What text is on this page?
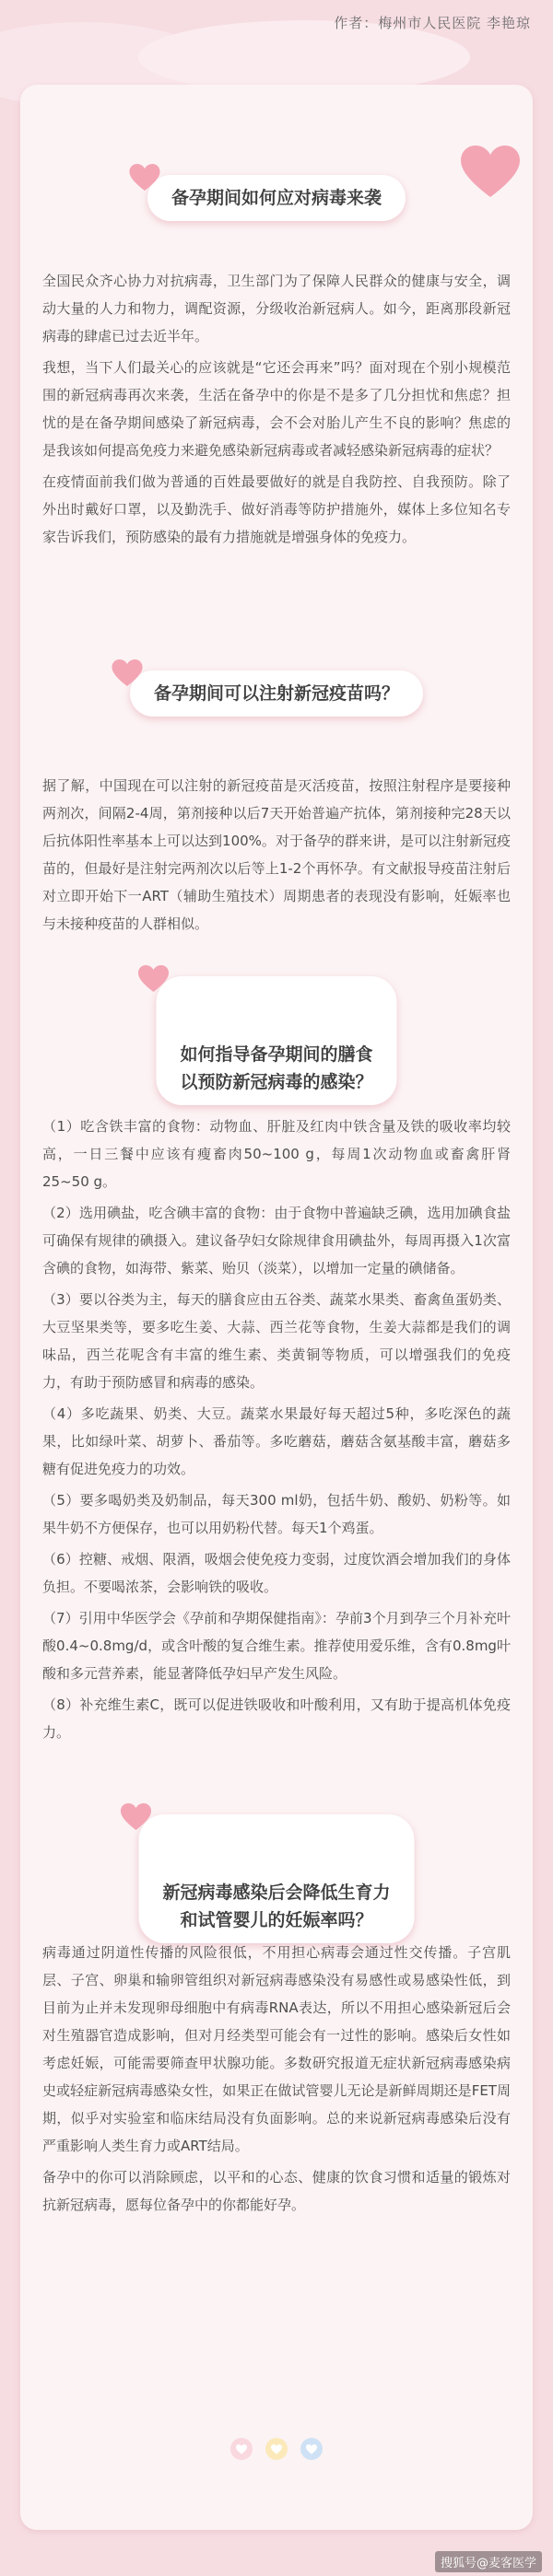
作者：梅州市人民医院 李艳琼
备孕期间如何应对病毒来袭

全国民众齐心协力对抗病毒，卫生部门为了保障人民群众的健康与安全，调动大量的人力和物力，调配资源，分级收治新冠病人。如今，距离那段新冠病毒的肆虐已过去近半年。

我想，当下人们最关心的应该就是“它还会再来”吗？面对现在个别小规模范围的新冠病毒再次来袭，生活在备孕中的你是不是多了几分担忧和焦虑？担忧的是在备孕期间感染了新冠病毒，会不会对胎儿产生不良的影响？焦虑的是我该如何提高免疫力来避免感染新冠病毒或者减轻感染新冠病毒的症状？

在疫情面前我们做为普通的百姓最要做好的就是自我防控、自我预防。除了外出时戴好口罩，以及勤洗手、做好消毒等防护措施外，媒体上多位知名专家告诉我们，预防感染的最有力措施就是增强身体的免疫力。

备孕期间可以注射新冠疫苗吗？

据了解，中国现在可以注射的新冠疫苗是灭活疫苗，按照注射程序是要接种两剂次，间隔2-4周，第剂接种以后7天开始普遍产抗体，第剂接种完28天以后抗体阳性率基本上可以达到100%。对于备孕的群来讲，是可以注射新冠疫苗的，但最好是注射完两剂次以后等上1-2个再怀孕。有文献报导疫苗注射后对立即开始下一ART（辅助生殖技术）周期患者的表现没有影响，妊娠率也与未接种疫苗的人群相似。

如何指导备孕期间的膳食
以预防新冠病毒的感染？

（1）吃含铁丰富的食物：动物血、肝脏及红肉中铁含量及铁的吸收率均较高，一日三餐中应该有瘦畜肉50~100 g，每周1次动物血或畜禽肝肾25~50 g。

（2）选用碘盐，吃含碘丰富的食物：由于食物中普遍缺乏碘，选用加碘食盐可确保有规律的碘摄入。建议备孕妇女除规律食用碘盐外，每周再摄入1次富含碘的食物，如海带、紫菜、贻贝（淡菜），以增加一定量的碘储备。

（3）要以谷类为主，每天的膳食应由五谷类、蔬菜水果类、畜禽鱼蛋奶类、大豆坚果类等，要多吃生姜、大蒜、西兰花等食物，生姜大蒜都是我们的调味品，西兰花呢含有丰富的维生素、类黄铜等物质，可以增强我们的免疫力，有助于预防感冒和病毒的感染。

（4）多吃蔬果、奶类、大豆。蔬菜水果最好每天超过5种，多吃深色的蔬果，比如绿叶菜、胡萝卜、番茄等。多吃蘑菇，蘑菇含氨基酸丰富，蘑菇多糖有促进免疫力的功效。

（5）要多喝奶类及奶制品，每天300 ml奶，包括牛奶、酸奶、奶粉等。如果牛奶不方便保存，也可以用奶粉代替。每天1个鸡蛋。

（6）控糖、戒烟、限酒，吸烟会使免疫力变弱，过度饮酒会增加我们的身体负担。不要喝浓茶，会影响铁的吸收。

（7）引用中华医学会《孕前和孕期保健指南》：孕前3个月到孕三个月补充叶酸0.4~0.8mg/d，或含叶酸的复合维生素。推荐使用爱乐维，含有0.8mg叶酸和多元营养素，能显著降低孕妇早产发生风险。

（8）补充维生素C，既可以促进铁吸收和叶酸利用，又有助于提高机体免疫力。

新冠病毒感染后会降低生育力
和试管婴儿的妊娠率吗？

病毒通过阴道性传播的风险很低，不用担心病毒会通过性交传播。子宫肌层、子宫、卵巢和输卵管组织对新冠病毒感染没有易感性或易感染性低，到目前为止并未发现卵母细胞中有病毒RNA表达，所以不用担心感染新冠后会对生殖器官造成影响，但对月经类型可能会有一过性的影响。感染后女性如考虑妊娠，可能需要筛查甲状腺功能。多数研究报道无症状新冠病毒感染病史或轻症新冠病毒感染女性，如果正在做试管婴儿无论是新鲜周期还是FET周期，似乎对实验室和临床结局没有负面影响。总的来说新冠病毒感染后没有严重影响人类生育力或ART结局。

备孕中的你可以消除顾虑，以平和的心态、健康的饮食习惯和适量的锻炼对抗新冠病毒，愿每位备孕中的你都能好孕。

搜狐号@麦客医学
